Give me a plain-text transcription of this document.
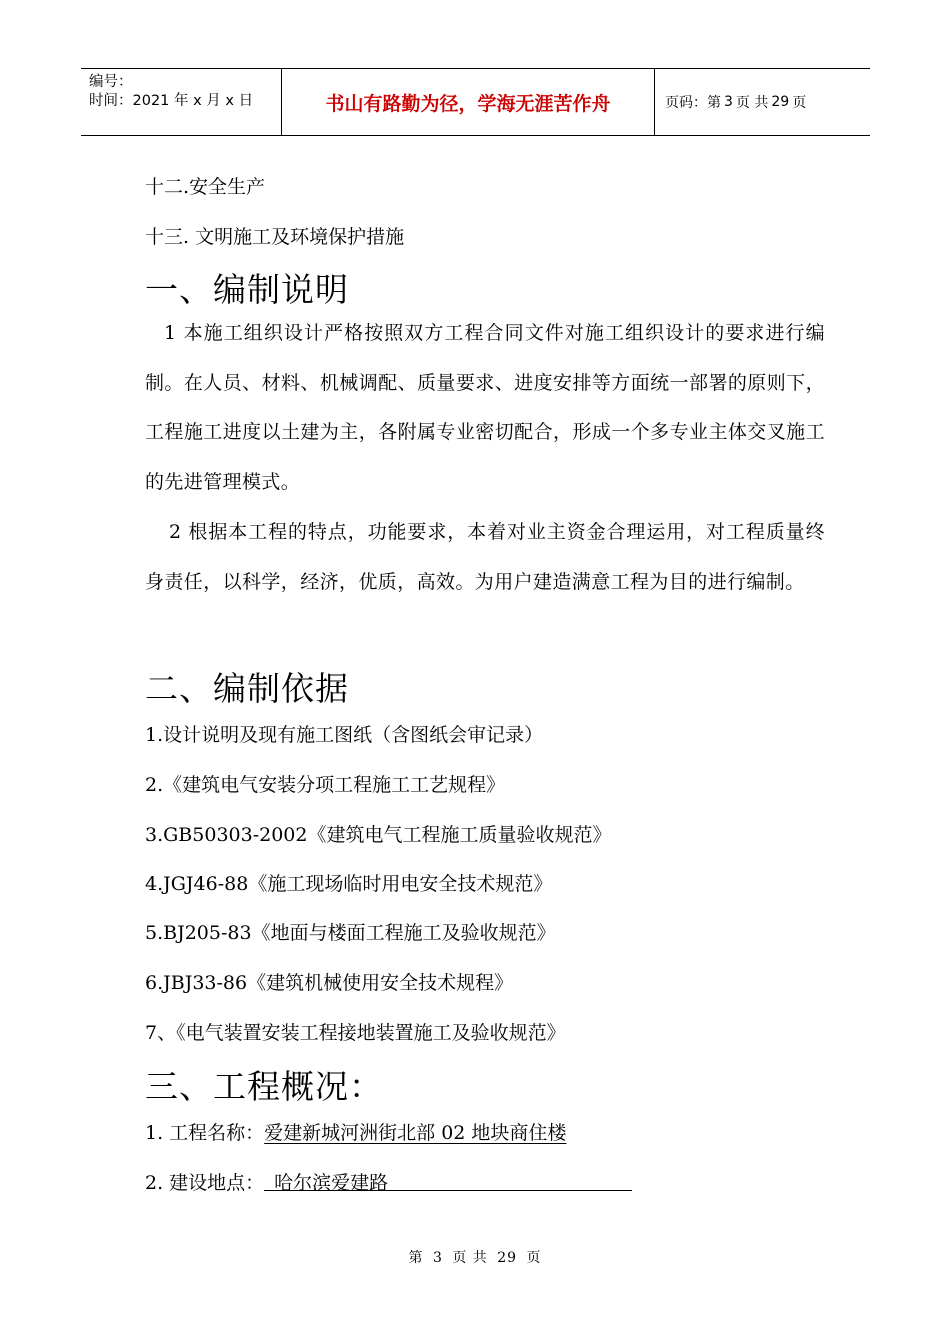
编号：
时间：2021 年 x 月 x 日	书山有路勤为径，学海无涯苦作舟	页码：第 3 页 共 29 页
十二.安全生产
十三. 文明施工及环境保护措施
一、编制说明
1 本施工组织设计严格按照双方工程合同文件对施工组织设计的要求进行编制。在人员、材料、机械调配、质量要求、进度安排等方面统一部署的原则下，工程施工进度以土建为主，各附属专业密切配合，形成一个多专业主体交叉施工的先进管理模式。
2 根据本工程的特点，功能要求，本着对业主资金合理运用，对工程质量终身责任，以科学，经济，优质，高效。为用户建造满意工程为目的进行编制。
二、编制依据
1.设计说明及现有施工图纸（含图纸会审记录）
2.《建筑电气安装分项工程施工工艺规程》
3.GB50303-2002《建筑电气工程施工质量验收规范》
4.JGJ46-88《施工现场临时用电安全技术规范》
5.BJ205-83《地面与楼面工程施工及验收规范》
6.JBJ33-86《建筑机械使用安全技术规程》
7、《电气装置安装工程接地装置施工及验收规范》
三、工程概况：
1. 工程名称：爱建新城河洲街北部 02 地块商住楼
2. 建设地点： 哈尔滨爱建路
第 3 页 共 29 页
